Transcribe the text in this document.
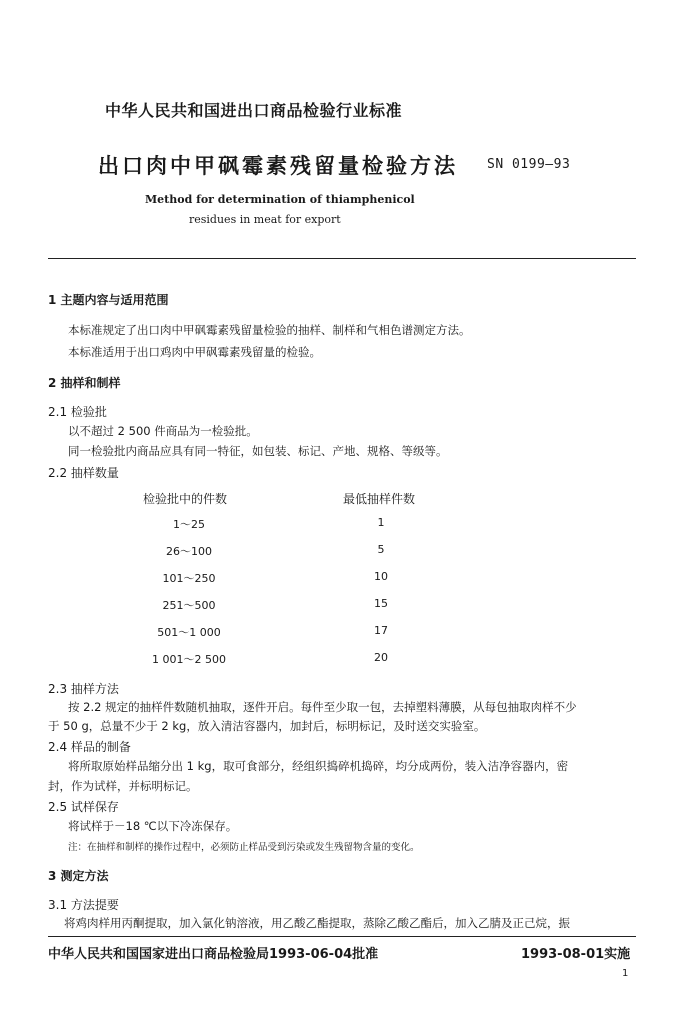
中华人民共和国进出口商品检验行业标准
出口肉中甲砜霉素残留量检验方法 SN 0199—93
Method for determination of thiamphenicol
residues in meat for export
1 主题内容与适用范围
本标准规定了出口肉中甲砜霉素残留量检验的抽样、制样和气相色谱测定方法。
本标准适用于出口鸡肉中甲砜霉素残留量的检验。
2 抽样和制样
2.1 检验批
以不超过 2 500 件商品为一检验批。
同一检验批内商品应具有同一特征，如包装、标记、产地、规格、等级等。
2.2 抽样数量
检验批中的件数	最低抽样件数
1～25	1
26～100	5
101～250	10
251～500	15
501～1 000	17
1 001～2 500	20
2.3 抽样方法
按 2.2 规定的抽样件数随机抽取，逐件开启。每件至少取一包，去掉塑料薄膜，从每包抽取肉样不少
于 50 g，总量不少于 2 kg，放入清洁容器内，加封后，标明标记，及时送交实验室。
2.4 样品的制备
将所取原始样品缩分出 1 kg，取可食部分，经组织捣碎机捣碎，均分成两份，装入洁净容器内，密
封，作为试样，并标明标记。
2.5 试样保存
将试样于－18 ℃以下冷冻保存。
注：在抽样和制样的操作过程中，必须防止样品受到污染或发生残留物含量的变化。
3 测定方法
3.1 方法提要
将鸡肉样用丙酮提取，加入氯化钠溶液，用乙酸乙酯提取，蒸除乙酸乙酯后，加入乙腈及正己烷，振
中华人民共和国国家进出口商品检验局1993-06-04批准	1993-08-01实施
1
